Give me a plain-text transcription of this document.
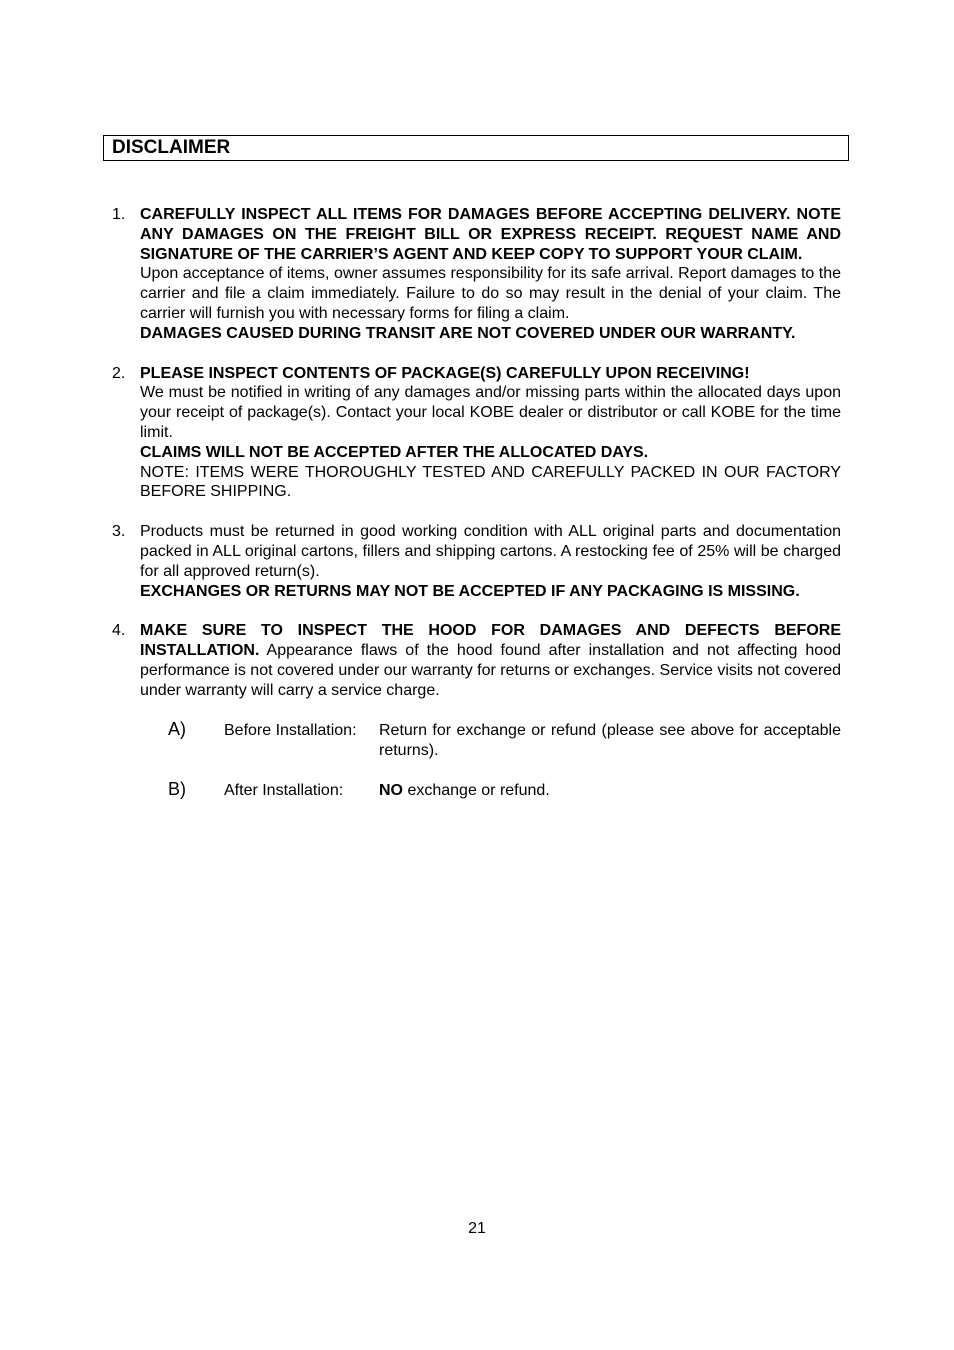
DISCLAIMER
1. CAREFULLY INSPECT ALL ITEMS FOR DAMAGES BEFORE ACCEPTING DELIVERY. NOTE ANY DAMAGES ON THE FREIGHT BILL OR EXPRESS RECEIPT. REQUEST NAME AND SIGNATURE OF THE CARRIER’S AGENT AND KEEP COPY TO SUPPORT YOUR CLAIM.

Upon acceptance of items, owner assumes responsibility for its safe arrival. Report damages to the carrier and file a claim immediately. Failure to do so may result in the denial of your claim. The carrier will furnish you with necessary forms for filing a claim.

DAMAGES CAUSED DURING TRANSIT ARE NOT COVERED UNDER OUR WARRANTY.

2. PLEASE INSPECT CONTENTS OF PACKAGE(S) CAREFULLY UPON RECEIVING!

We must be notified in writing of any damages and/or missing parts within the allocated days upon your receipt of package(s). Contact your local KOBE dealer or distributor or call KOBE for the time limit.

CLAIMS WILL NOT BE ACCEPTED AFTER THE ALLOCATED DAYS.

NOTE: ITEMS WERE THOROUGHLY TESTED AND CAREFULLY PACKED IN OUR FACTORY BEFORE SHIPPING.

3. Products must be returned in good working condition with ALL original parts and documentation packed in ALL original cartons, fillers and shipping cartons. A restocking fee of 25% will be charged for all approved return(s).

EXCHANGES OR RETURNS MAY NOT BE ACCEPTED IF ANY PACKAGING IS MISSING.

4. MAKE SURE TO INSPECT THE HOOD FOR DAMAGES AND DEFECTS BEFORE INSTALLATION. Appearance flaws of the hood found after installation and not affecting hood performance is not covered under our warranty for returns or exchanges. Service visits not covered under warranty will carry a service charge.

A) Before Installation: Return for exchange or refund (please see above for acceptable returns).
B) After Installation: NO exchange or refund.
21
